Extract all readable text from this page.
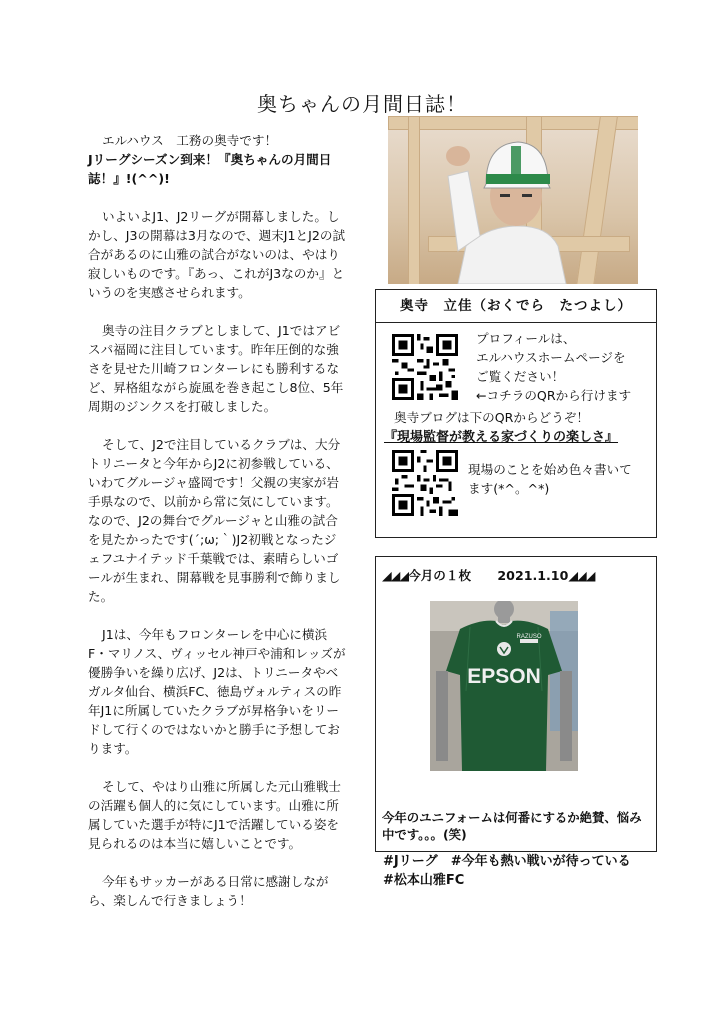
奥ちゃんの月間日誌！

エルハウス　工務の奥寺です！
Jリーグシーズン到来！『奥ちゃんの月間日誌！』!(^^)!

いよいよJ1、J2リーグが開幕しました。しかし、J3の開幕は3月なので、週末J1とJ2の試合があるのに山雅の試合がないのは、やはり寂しいものです。『あっ、これがJ3なのか』というのを実感させられます。

奥寺の注目クラブとしまして、J1ではアビスパ福岡に注目しています。昨年圧倒的な強さを見せた川崎フロンターレにも勝利するなど、昇格組ながら旋風を巻き起こし8位、5年周期のジンクスを打破しました。

そして、J2で注目しているクラブは、大分トリニータと今年からJ2に初参戦している、いわてグルージャ盛岡です！父親の実家が岩手県なので、以前から常に気にしています。なので、J2の舞台でグルージャと山雅の試合を見たかったです(´;ω;｀)J2初戦となったジェフユナイテッド千葉戦では、素晴らしいゴールが生まれ、開幕戦を見事勝利で飾りました。

J1は、今年もフロンターレを中心に横浜F・マリノス、ヴィッセル神戸や浦和レッズが優勝争いを繰り広げ、J2は、トリニータやベガルタ仙台、横浜FC、徳島ヴォルティスの昨年J1に所属していたクラブが昇格争いをリードして行くのではないかと勝手に予想しております。

そして、やはり山雅に所属した元山雅戦士の活躍も個人的に気にしています。山雅に所属していた選手が特にJ1で活躍している姿を見られるのは本当に嬉しいことです。

今年もサッカーがある日常に感謝しながら、楽しんで行きましょう！

奥寺　立佳（おくでら　たつよし）
プロフィールは、
エルハウスホームページを
ご覧ください！
←コチラのQRから行けます
奥寺ブログは下のQRからどうぞ！
『現場監督が教える家づくりの楽しさ』
現場のことを始め色々書いて
ます(*^。^*)
◢◢◢今月の１枚 2021.1.10◢◢◢
EPSON
RAZUSO
今年のユニフォームは何番にするか絶賛、悩み中です。。。(笑)
#Jリーグ　#今年も熱い戦いが待っている　#松本山雅FC
